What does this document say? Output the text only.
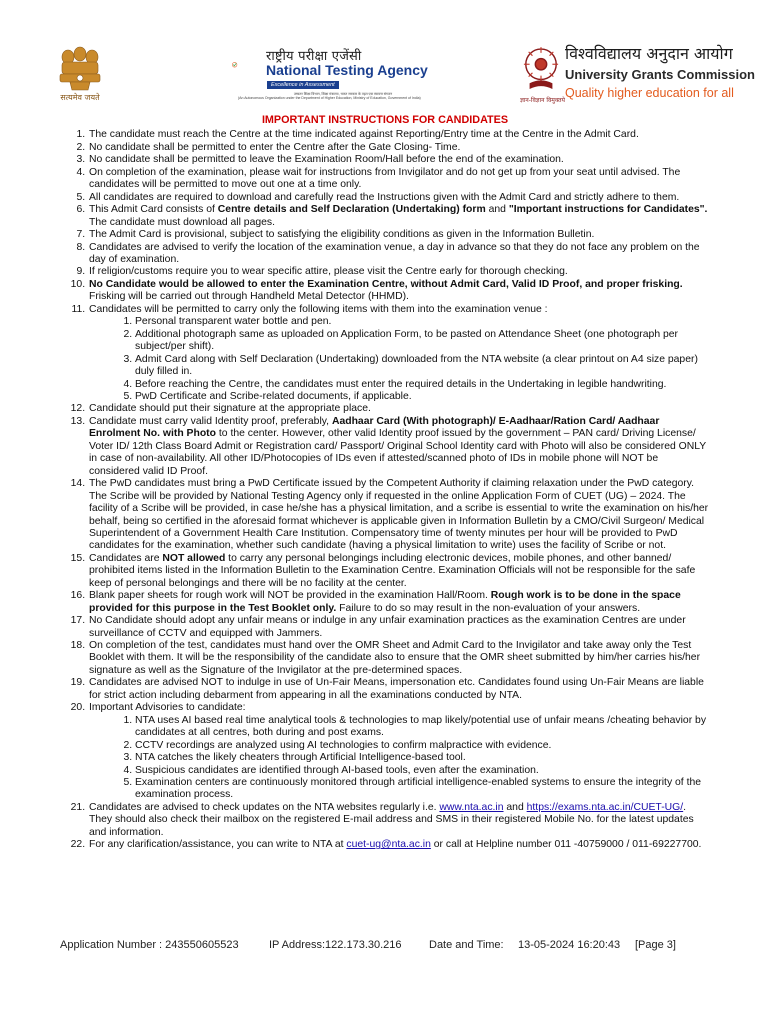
सत्यमेव जयते
राष्ट्रीय परीक्षा एजेंसी
National Testing Agency
Excellence in Assessment
उच्चतर शिक्षा विभाग, शिक्षा मंत्रालय, भारत सरकार के तहत एक स्वायत्त संगठन
(An Autonomous Organization under the Department of Higher Education, Ministry of Education, Government of India)	ज्ञान-विज्ञान विमुक्तये
विश्वविद्यालय अनुदान आयोग
University Grants Commission
Quality higher education for all
IMPORTANT INSTRUCTIONS FOR CANDIDATES
1. The candidate must reach the Centre at the time indicated against Reporting/Entry time at the Centre in the Admit Card.
2. No candidate shall be permitted to enter the Centre after the Gate Closing- Time.
3. No candidate shall be permitted to leave the Examination Room/Hall before the end of the examination.
4. On completion of the examination, please wait for instructions from Invigilator and do not get up from your seat until advised. The candidates will be permitted to move out one at a time only.
5. All candidates are required to download and carefully read the Instructions given with the Admit Card and strictly adhere to them.
6. This Admit Card consists of Centre details and Self Declaration (Undertaking) form and "Important instructions for Candidates". The candidate must download all pages.
7. The Admit Card is provisional, subject to satisfying the eligibility conditions as given in the Information Bulletin.
8. Candidates are advised to verify the location of the examination venue, a day in advance so that they do not face any problem on the day of examination.
9. If religion/customs require you to wear specific attire, please visit the Centre early for thorough checking.
10. No Candidate would be allowed to enter the Examination Centre, without Admit Card, Valid ID Proof, and proper frisking. Frisking will be carried out through Handheld Metal Detector (HHMD).
11. Candidates will be permitted to carry only the following items with them into the examination venue :
1. Personal transparent water bottle and pen.
2. Additional photograph same as uploaded on Application Form, to be pasted on Attendance Sheet (one photograph per subject/per shift).
3. Admit Card along with Self Declaration (Undertaking) downloaded from the NTA website (a clear printout on A4 size paper) duly filled in.
4. Before reaching the Centre, the candidates must enter the required details in the Undertaking in legible handwriting.
5. PwD Certificate and Scribe-related documents, if applicable.
12. Candidate should put their signature at the appropriate place.
13. Candidate must carry valid Identity proof, preferably, Aadhaar Card (With photograph)/ E-Aadhaar/Ration Card/ Aadhaar Enrolment No. with Photo to the center. However, other valid Identity proof issued by the government – PAN card/ Driving License/ Voter ID/ 12th Class Board Admit or Registration card/ Passport/ Original School Identity card with Photo will also be considered ONLY in case of non-availability. All other ID/Photocopies of IDs even if attested/scanned photo of IDs in mobile phone will NOT be considered valid ID Proof.
14. The PwD candidates must bring a PwD Certificate issued by the Competent Authority if claiming relaxation under the PwD category. The Scribe will be provided by National Testing Agency only if requested in the online Application Form of CUET (UG) – 2024. The facility of a Scribe will be provided, in case he/she has a physical limitation, and a scribe is essential to write the examination on his/her behalf, being so certified in the aforesaid format whichever is applicable given in Information Bulletin by a CMO/Civil Surgeon/ Medical Superintendent of a Government Health Care Institution. Compensatory time of twenty minutes per hour will be provided to PwD candidates for the examination, whether such candidate (having a physical limitation to write) uses the facility of Scribe or not.
15. Candidates are NOT allowed to carry any personal belongings including electronic devices, mobile phones, and other banned/ prohibited items listed in the Information Bulletin to the Examination Centre. Examination Officials will not be responsible for the safe keep of personal belongings and there will be no facility at the center.
16. Blank paper sheets for rough work will NOT be provided in the examination Hall/Room. Rough work is to be done in the space provided for this purpose in the Test Booklet only. Failure to do so may result in the non-evaluation of your answers.
17. No Candidate should adopt any unfair means or indulge in any unfair examination practices as the examination Centres are under surveillance of CCTV and equipped with Jammers.
18. On completion of the test, candidates must hand over the OMR Sheet and Admit Card to the Invigilator and take away only the Test Booklet with them. It will be the responsibility of the candidate also to ensure that the OMR sheet submitted by him/her carries his/her signature as well as the Signature of the Invigilator at the pre-determined spaces.
19. Candidates are advised NOT to indulge in use of Un-Fair Means, impersonation etc. Candidates found using Un-Fair Means are liable for strict action including debarment from appearing in all the examinations conducted by NTA.
20. Important Advisories to candidate:
1. NTA uses AI based real time analytical tools & technologies to map likely/potential use of unfair means /cheating behavior by candidates at all centres, both during and post exams.
2. CCTV recordings are analyzed using AI technologies to confirm malpractice with evidence.
3. NTA catches the likely cheaters through Artificial Intelligence-based tool.
4. Suspicious candidates are identified through AI-based tools, even after the examination.
5. Examination centers are continuously monitored through artificial intelligence-enabled systems to ensure the integrity of the examination process.
21. Candidates are advised to check updates on the NTA websites regularly i.e. www.nta.ac.in and https://exams.nta.ac.in/CUET-UG/. They should also check their mailbox on the registered E-mail address and SMS in their registered Mobile No. for the latest updates and information.
22. For any clarification/assistance, you can write to NTA at cuet-ug@nta.ac.in or call at Helpline number 011 -40759000 / 011-69227700.
Application Number : 243550605523	IP Address:122.173.30.216	Date and Time:	13-05-2024 16:20:43	[Page 3]
